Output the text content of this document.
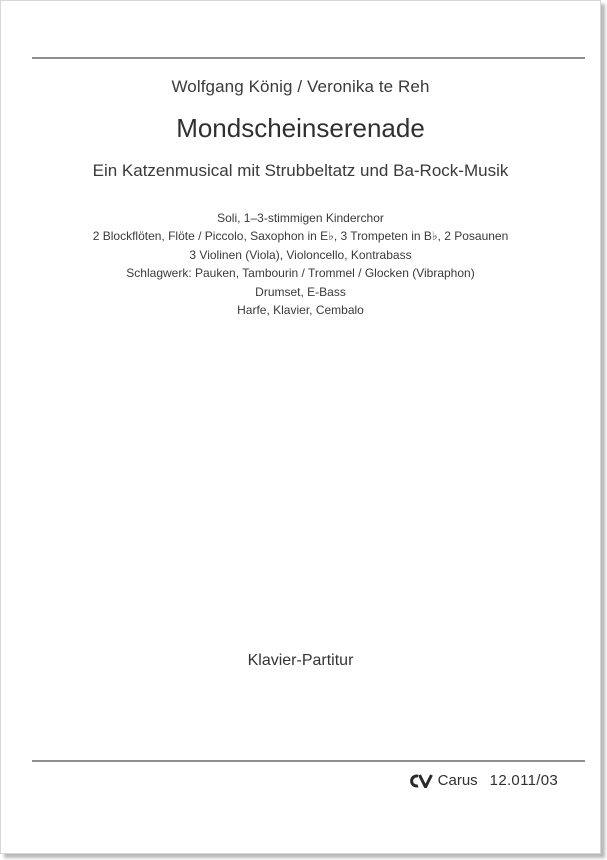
Wolfgang König / Veronika te Reh
Mondscheinserenade
Ein Katzenmusical mit Strubbeltatz und Ba-Rock-Musik
Soli, 1–3-stimmigen Kinderchor
2 Blockflöten, Flöte / Piccolo, Saxophon in E♭, 3 Trompeten in B♭, 2 Posaunen
3 Violinen (Viola), Violoncello, Kontrabass
Schlagwerk: Pauken, Tambourin / Trommel / Glocken (Vibraphon)
Drumset, E-Bass
Harfe, Klavier, Cembalo
Klavier-Partitur
Carus 12.011/03
